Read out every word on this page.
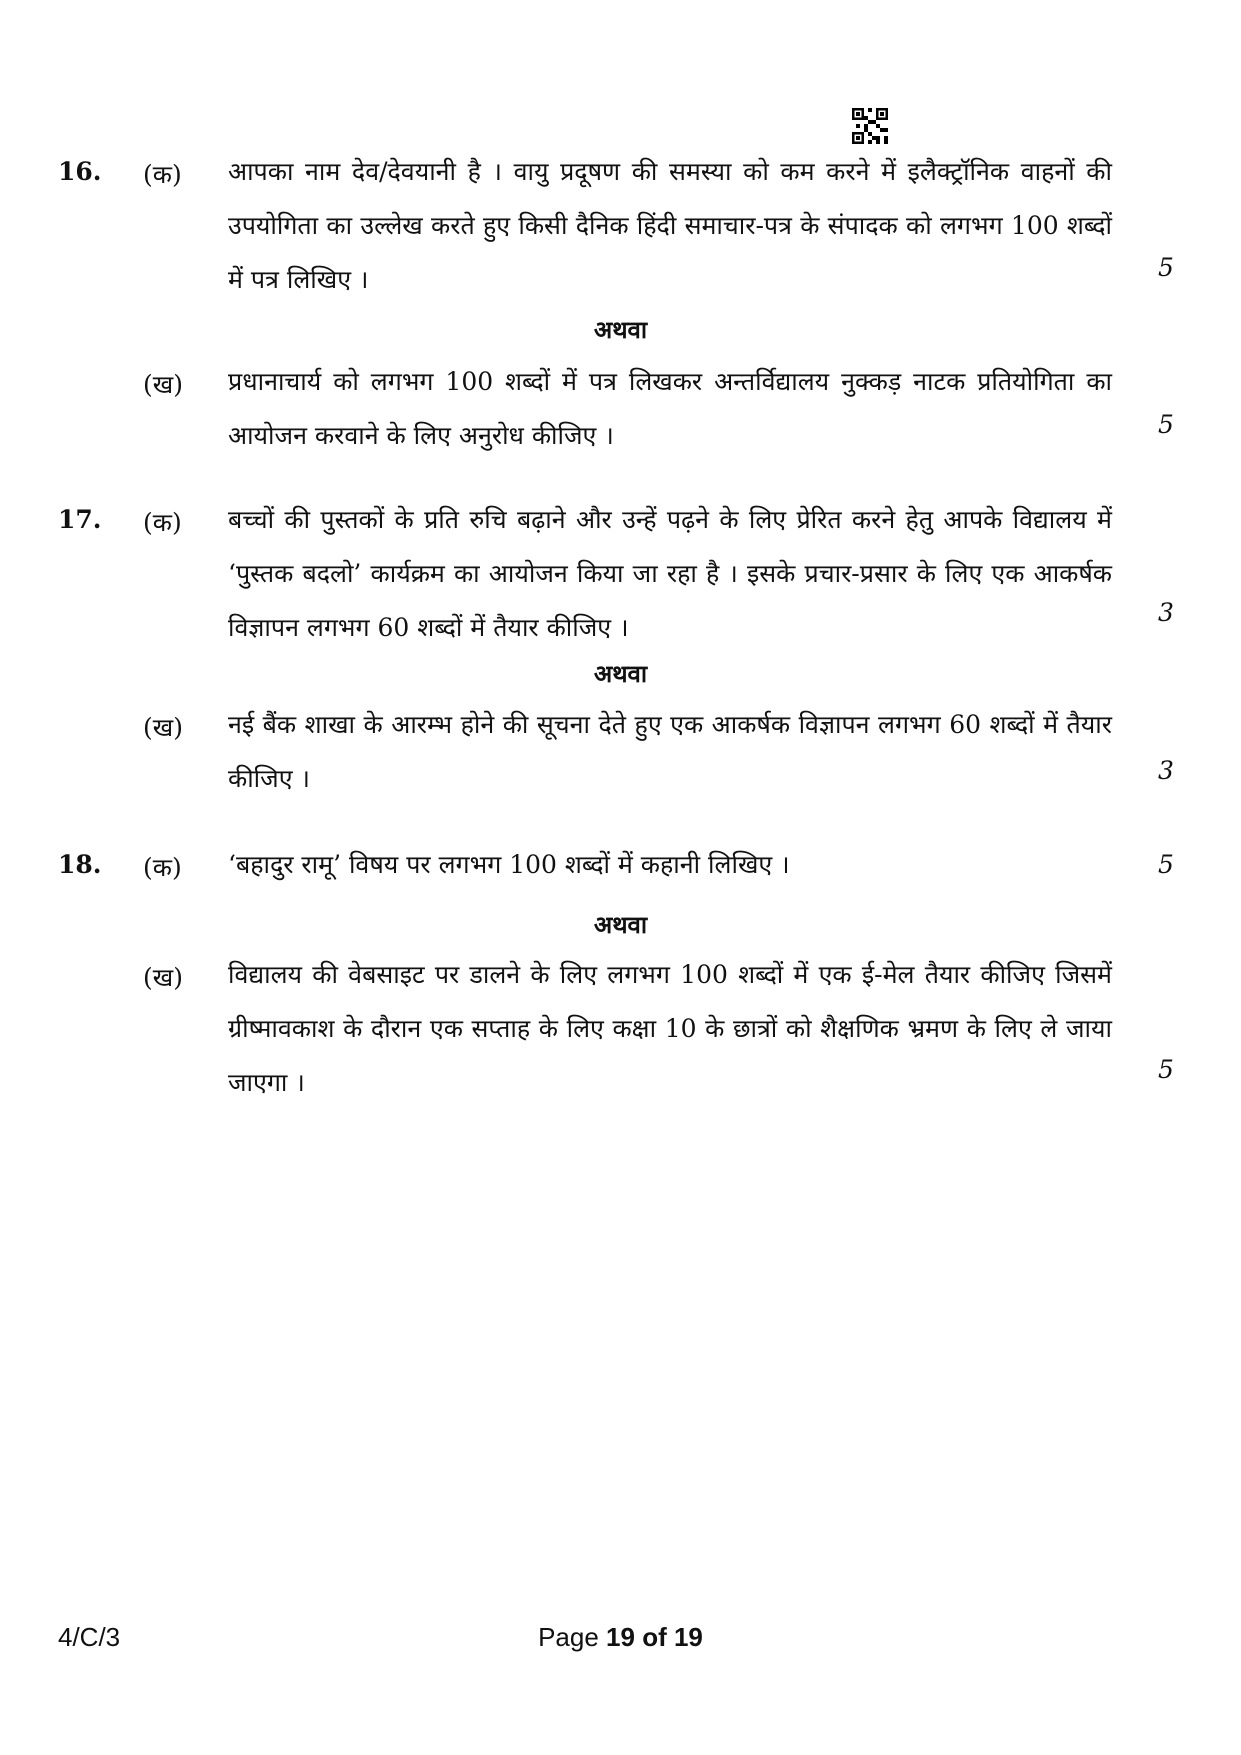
16. (क) आपका नाम देव/देवयानी है । वायु प्रदूषण की समस्या को कम करने में इलैक्ट्रॉनिक वाहनों की उपयोगिता का उल्लेख करते हुए किसी दैनिक हिंदी समाचार-पत्र के संपादक को लगभग 100 शब्दों में पत्र लिखिए ।	5
अथवा
(ख) प्रधानाचार्य को लगभग 100 शब्दों में पत्र लिखकर अन्तर्विद्यालय नुक्कड़ नाटक प्रतियोगिता का आयोजन करवाने के लिए अनुरोध कीजिए ।	5
17. (क) बच्चों की पुस्तकों के प्रति रुचि बढ़ाने और उन्हें पढ़ने के लिए प्रेरित करने हेतु आपके विद्यालय में ‘पुस्तक बदलो’ कार्यक्रम का आयोजन किया जा रहा है । इसके प्रचार-प्रसार के लिए एक आकर्षक विज्ञापन लगभग 60 शब्दों में तैयार कीजिए ।
3
अथवा
(ख) नई बैंक शाखा के आरम्भ होने की सूचना देते हुए एक आकर्षक विज्ञापन लगभग 60 शब्दों में तैयार कीजिए ।	3
18. (क) ‘बहादुर रामू’ विषय पर लगभग 100 शब्दों में कहानी लिखिए ।	5
अथवा
(ख) विद्यालय की वेबसाइट पर डालने के लिए लगभग 100 शब्दों में एक ई-मेल तैयार कीजिए जिसमें ग्रीष्मावकाश के दौरान एक सप्ताह के लिए कक्षा 10 के छात्रों को शैक्षणिक भ्रमण के लिए ले जाया जाएगा ।	5
4/C/3	Page 19 of 19
